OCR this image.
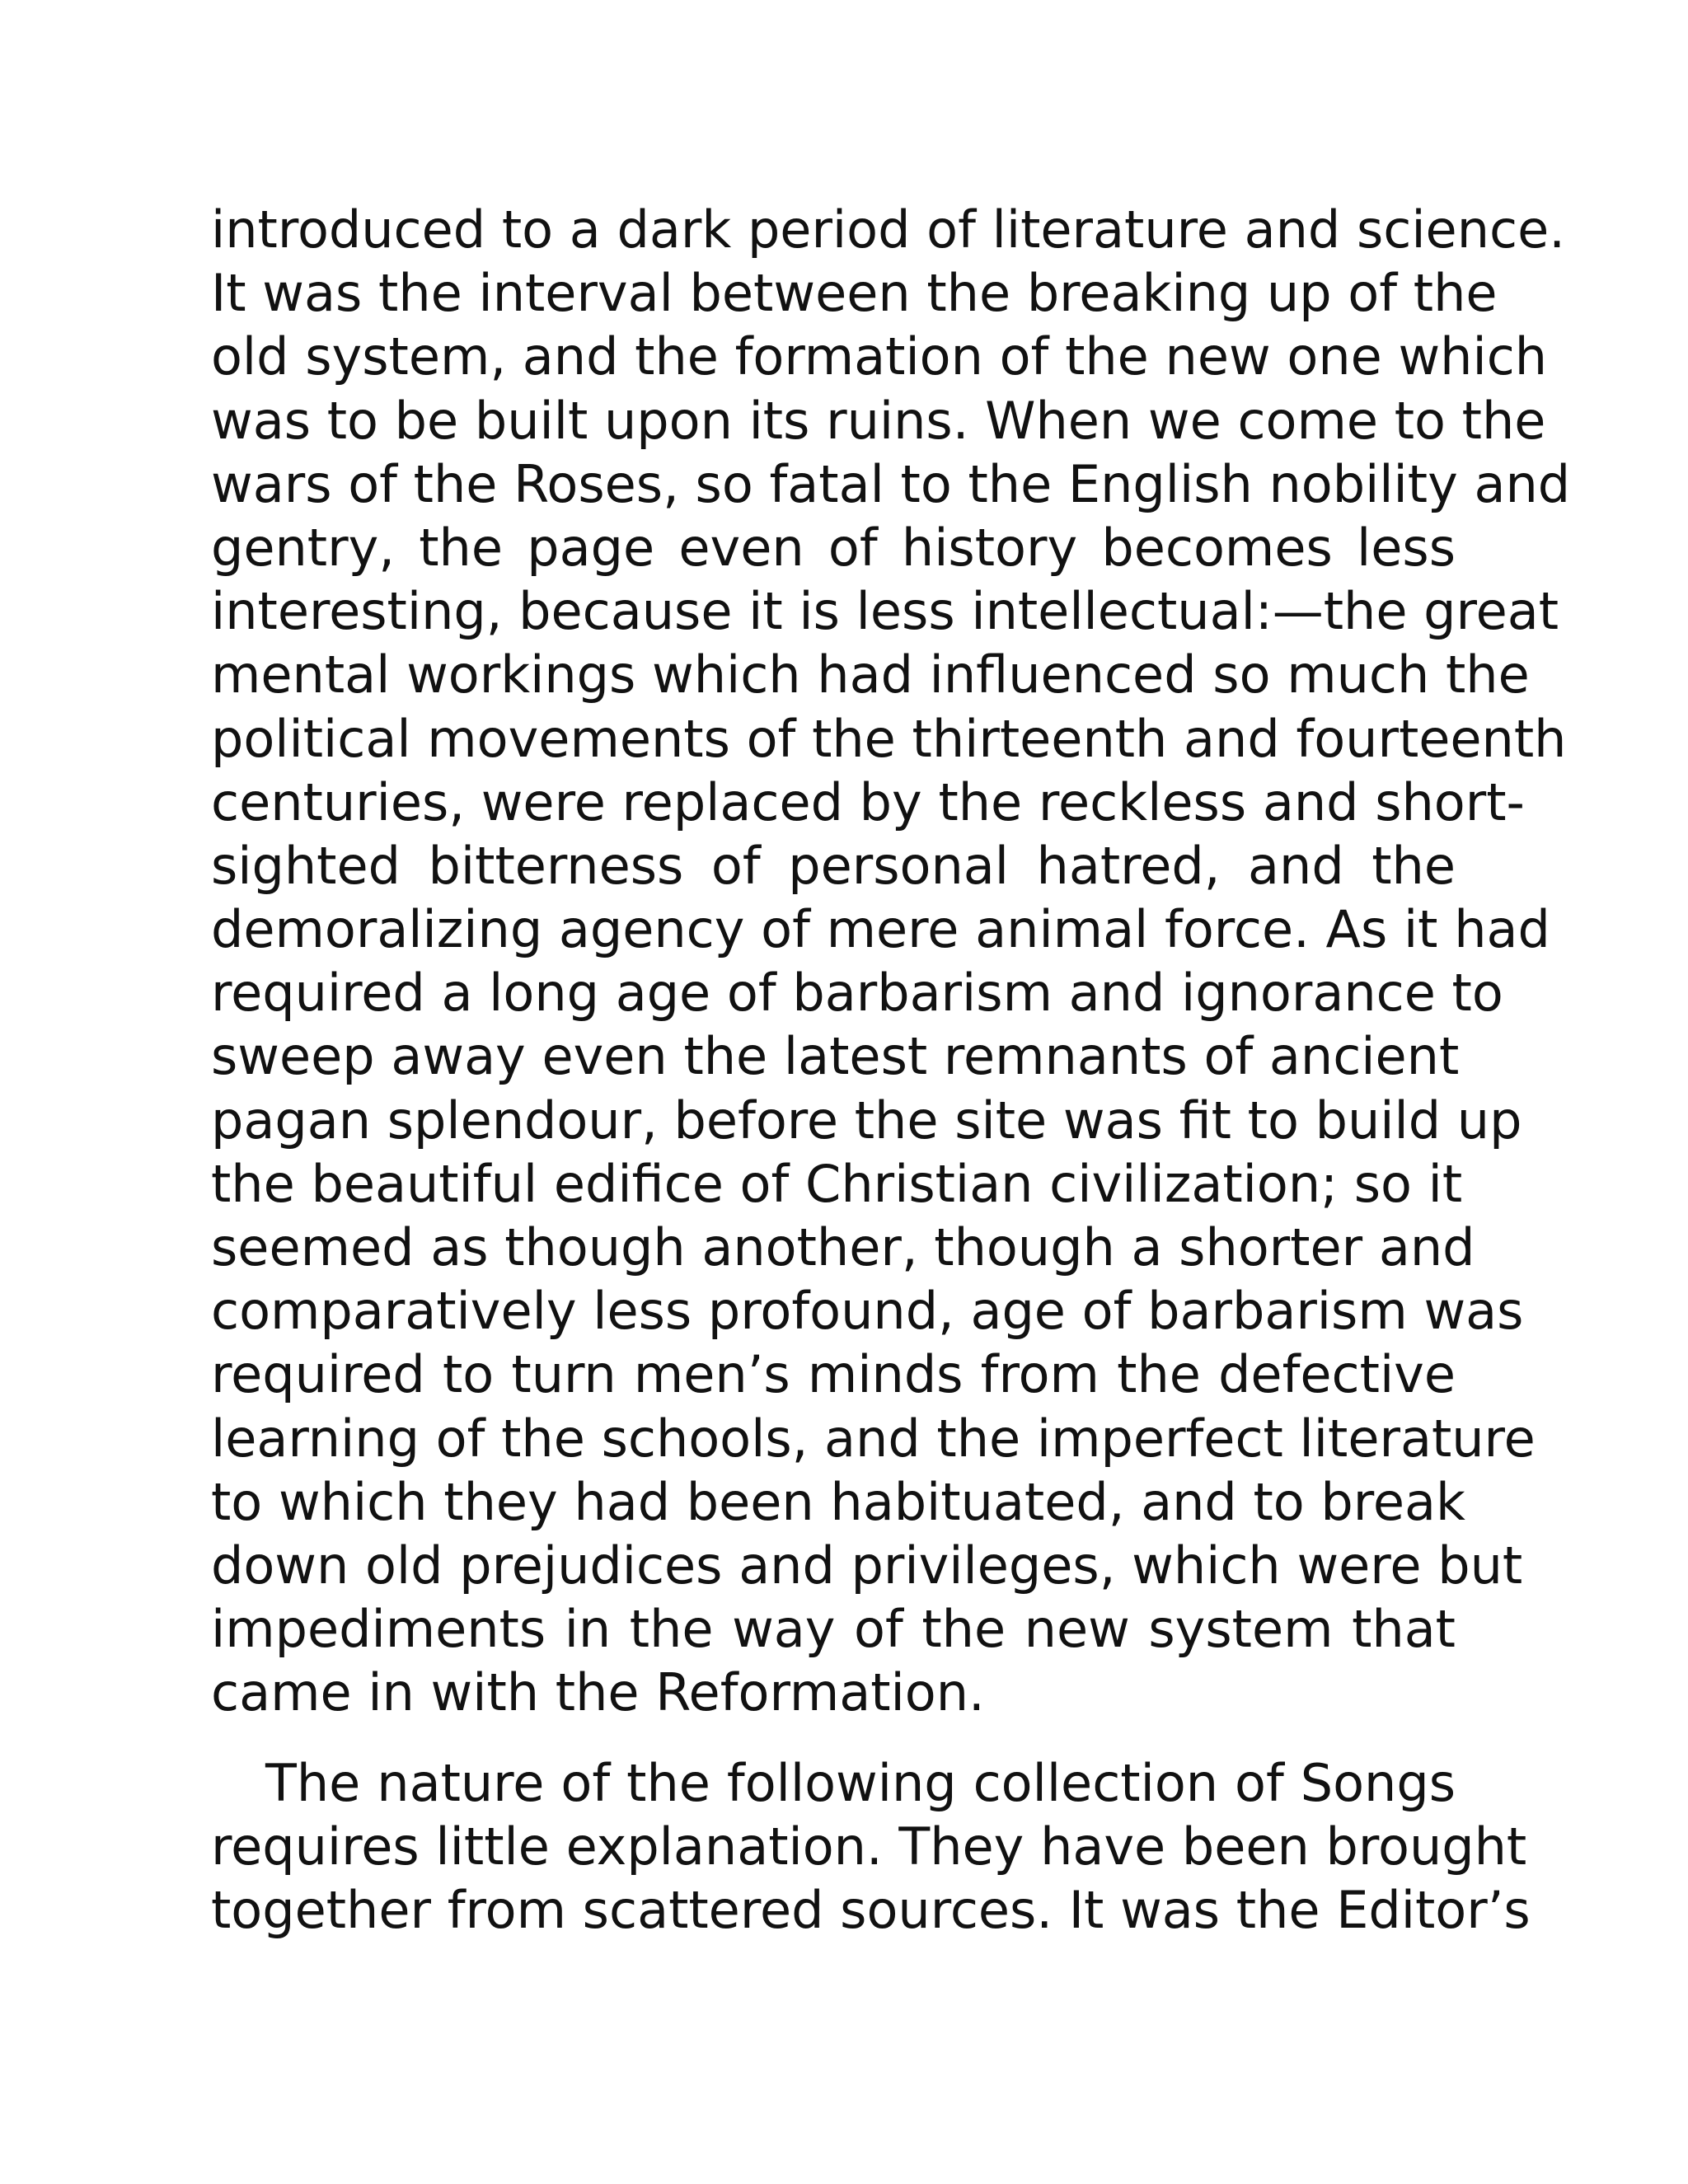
introduced to a dark period of literature and science.
It was the interval between the breaking up of the
old system, and the formation of the new one which
was to be built upon its ruins. When we come to the
wars of the Roses, so fatal to the English nobility and
gentry, the page even of history becomes less
interesting, because it is less intellectual:—the great
mental workings which had influenced so much the
political movements of the thirteenth and fourteenth
centuries, were replaced by the reckless and short-
sighted bitterness of personal hatred, and the
demoralizing agency of mere animal force. As it had
required a long age of barbarism and ignorance to
sweep away even the latest remnants of ancient
pagan splendour, before the site was fit to build up
the beautiful edifice of Christian civilization; so it
seemed as though another, though a shorter and
comparatively less profound, age of barbarism was
required to turn men’s minds from the defective
learning of the schools, and the imperfect literature
to which they had been habituated, and to break
down old prejudices and privileges, which were but
impediments in the way of the new system that
came in with the Reformation.
The nature of the following collection of Songs
requires little explanation. They have been brought
together from scattered sources. It was the Editor’s
